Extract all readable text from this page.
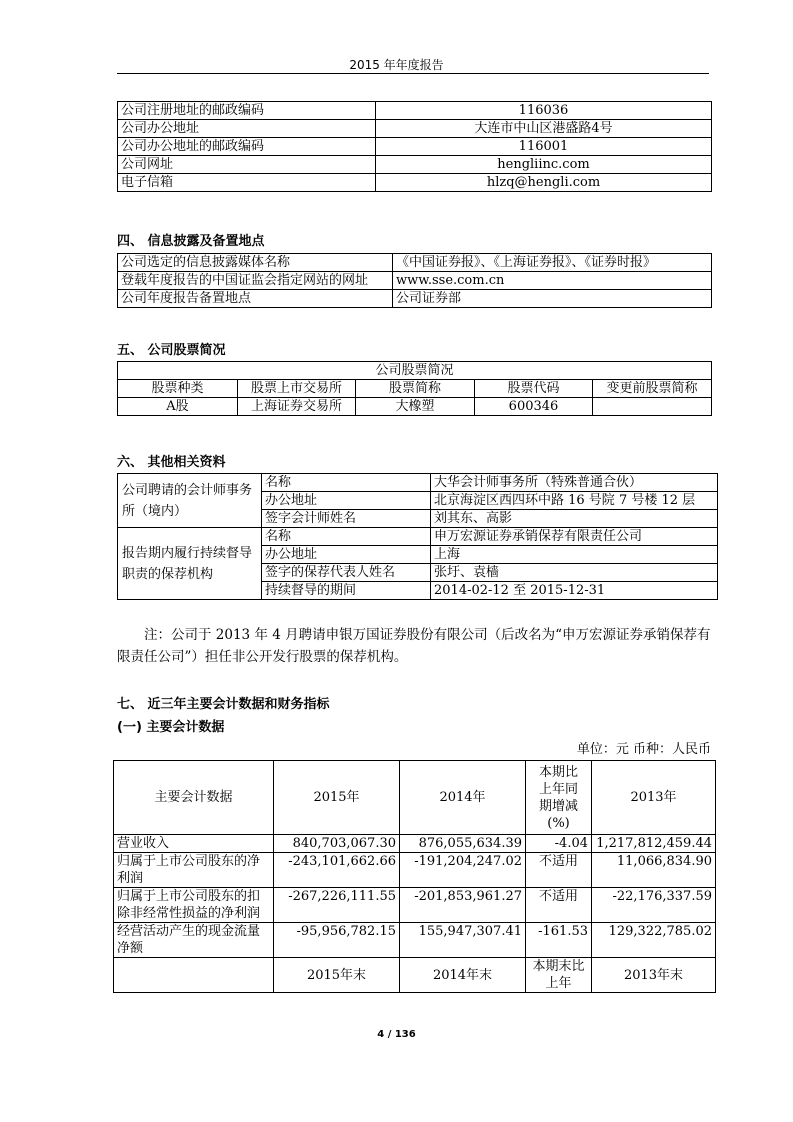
2015 年年度报告
公司注册地址的邮政编码	116036
公司办公地址	大连市中山区港盛路4号
公司办公地址的邮政编码	116001
公司网址	hengliinc.com
电子信箱	hlzq@hengli.com
四、 信息披露及备置地点
公司选定的信息披露媒体名称	《中国证券报》、《上海证券报》、《证券时报》
登载年度报告的中国证监会指定网站的网址	www.sse.com.cn
公司年度报告备置地点	公司证券部
五、 公司股票简况
公司股票简况				
股票种类	股票上市交易所	股票简称	股票代码	变更前股票简称
A股	上海证券交易所	大橡塑	600346	
六、 其他相关资料
公司聘请的会计师事务所（境内）	名称	大华会计师事务所（特殊普通合伙）
	办公地址	北京海淀区西四环中路 16 号院 7 号楼 12 层
	签字会计师姓名	刘其东、高影
报告期内履行持续督导职责的保荐机构	名称	申万宏源证券承销保荐有限责任公司
	办公地址	上海
	签字的保荐代表人姓名	张圩、袁樯
	持续督导的期间	2014-02-12 至 2015-12-31
注：公司于 2013 年 4 月聘请申银万国证券股份有限公司（后改名为“申万宏源证券承销保荐有限责任公司”）担任非公开发行股票的保荐机构。
七、 近三年主要会计数据和财务指标
(一) 主要会计数据
单位：元 币种：人民币
主要会计数据	2015年	2014年	本期比上年同期增减(%)	2013年
营业收入	840,703,067.30	876,055,634.39	-4.04	1,217,812,459.44
归属于上市公司股东的净利润	-243,101,662.66	-191,204,247.02	不适用	11,066,834.90
归属于上市公司股东的扣除非经常性损益的净利润	-267,226,111.55	-201,853,961.27	不适用	-22,176,337.59
经营活动产生的现金流量净额	-95,956,782.15	155,947,307.41	-161.53	129,322,785.02
	2015年末	2014年末	本期末比上年	2013年末
4 / 136
